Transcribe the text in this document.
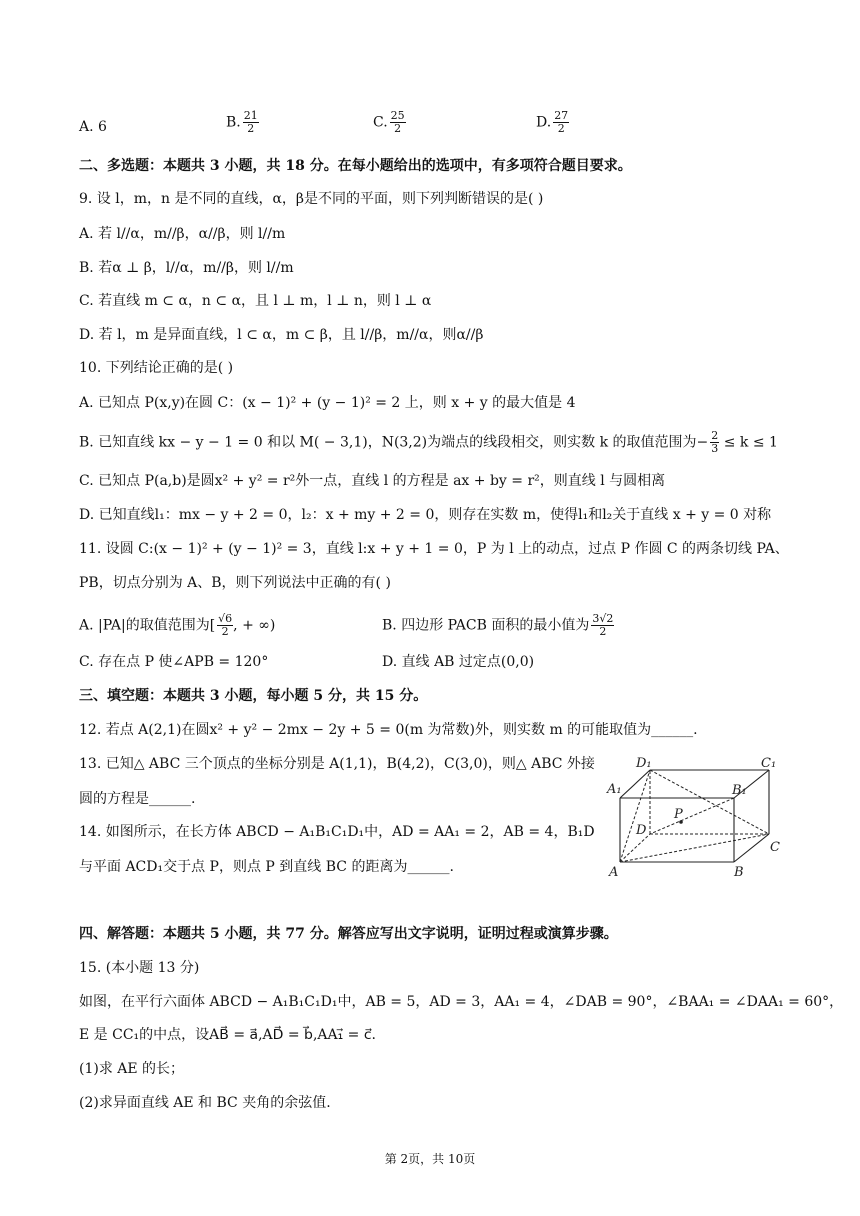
A. 6	B. $\frac{21}{2}$	C. $\frac{25}{2}$	D. $\frac{27}{2}$
二、多选题：本题共 3 小题，共 18 分。在每小题给出的选项中，有多项符合题目要求。
9. 设 l，m，n 是不同的直线，α，β是不同的平面，则下列判断错误的是( )
A. 若 l//α，m//β，α//β，则 l//m
B. 若α ⊥ β，l//α，m//β，则 l//m
C. 若直线 m ⊂ α，n ⊂ α，且 l ⊥ m，l ⊥ n，则 l ⊥ α
D. 若 l，m 是异面直线，l ⊂ α，m ⊂ β，且 l//β，m//α，则α//β
10. 下列结论正确的是( )
A. 已知点 P(x,y)在圆 C：(x − 1)² + (y − 1)² = 2 上，则 x + y 的最大值是 4
B. 已知直线 kx − y − 1 = 0 和以 M( − 3,1)，N(3,2)为端点的线段相交，则实数 k 的取值范围为− $\frac{2}{3} \le k \le 1$
C. 已知点 P(a,b)是圆x² + y² = r²外一点，直线 l 的方程是 ax + by = r²，则直线 l 与圆相离
D. 已知直线l₁：mx − y + 2 = 0，l₂：x + my + 2 = 0，则存在实数 m，使得l₁和l₂关于直线 x + y = 0 对称
11. 设圆 C:(x − 1)² + (y − 1)² = 3，直线 l:x + y + 1 = 0，P 为 l 上的动点，过点 P 作圆 C 的两条切线 PA、
PB，切点分别为 A、B，则下列说法中正确的有( )
A. |PA|的取值范围为[ $\frac{√6}{2}$ , + ∞)	B. 四边形 PACB 面积的最小值为 $\frac{3√2}{2}$
C. 存在点 P 使∠APB = 120°	D. 直线 AB 过定点(0,0)
三、填空题：本题共 3 小题，每小题 5 分，共 15 分。
12. 若点 A(2,1)在圆x² + y² − 2mx − 2y + 5 = 0(m 为常数)外，则实数 m 的可能取值为______.
13. 已知△ ABC 三个顶点的坐标分别是 A(1,1)，B(4,2)，C(3,0)，则△ ABC 外接
圆的方程是______.
14. 如图所示，在长方体 ABCD − A₁B₁C₁D₁中，AD = AA₁ = 2，AB = 4，B₁D
与平面 ACD₁交于点 P，则点 P 到直线 BC 的距离为______.	A	B
C
D
A₁	B₁
C₁
D₁
P
四、解答题：本题共 5 小题，共 77 分。解答应写出文字说明，证明过程或演算步骤。
15. (本小题 13 分)
如图，在平行六面体 ABCD − A₁B₁C₁D₁中，AB = 5，AD = 3，AA₁ = 4，∠DAB = 90°，∠BAA₁ = ∠DAA₁ = 60°，
E 是 CC₁的中点，设AB⃗ = a⃗,AD⃗ = b⃗,AA₁⃗ = c⃗.
(1)求 AE 的长；
(2)求异面直线 AE 和 BC 夹角的余弦值.
第 2页，共 10页
